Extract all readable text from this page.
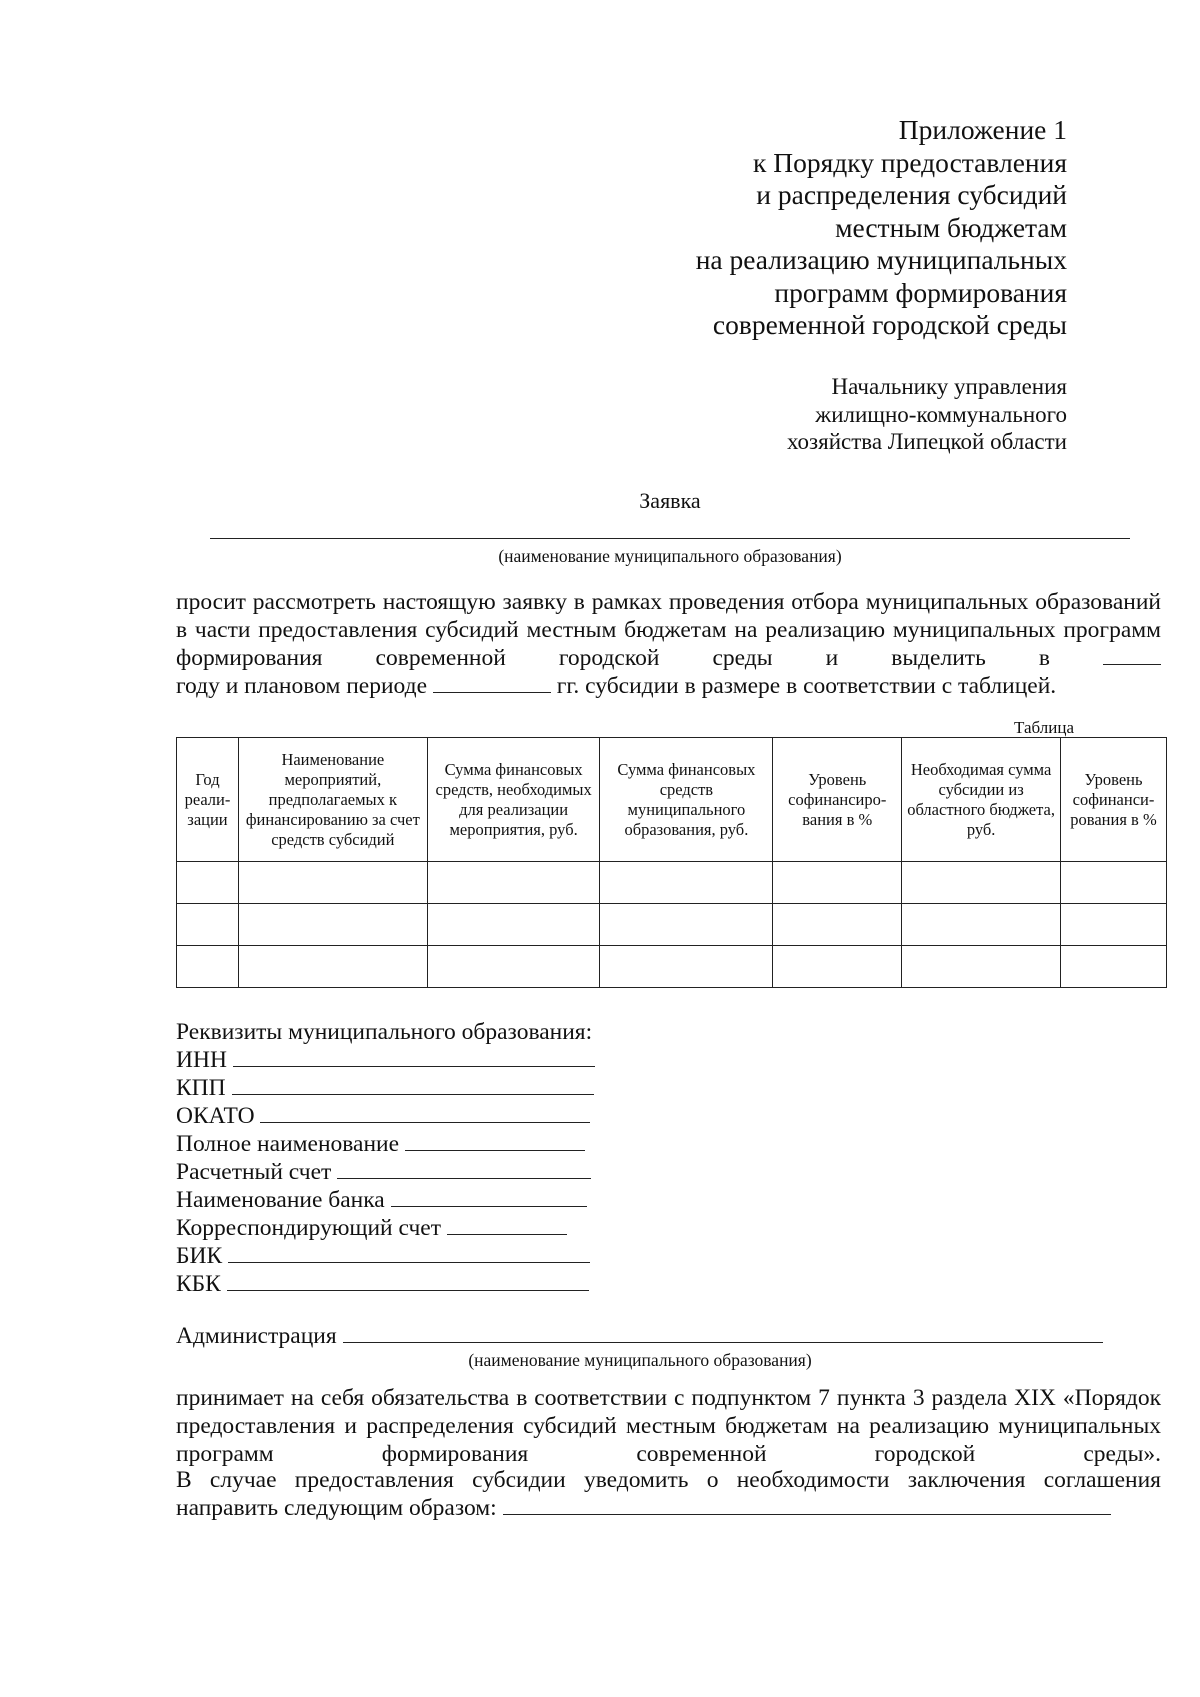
Приложение 1
к Порядку предоставления
и распределения субсидий
местным бюджетам
на реализацию муниципальных
программ формирования
современной городской среды
Начальнику управления
жилищно-коммунального
хозяйства Липецкой области
Заявка
(наименование муниципального образования)
просит рассмотреть настоящую заявку в рамках проведения отбора муниципальных образований в части предоставления субсидий местным бюджетам на реализацию муниципальных программ формирования современной городской среды и выделить в
году и плановом периоде	гг. субсидии в размере в соответствии с таблицей.
Таблица
Год реали-зации	Наименование мероприятий, предполагаемых к финансированию за счет средств субсидий	Сумма финансовых средств, необходимых для реализации мероприятия, руб.	Сумма финансовых средств муниципального образования, руб.	Уровень софинансиро-вания в %	Необходимая сумма субсидии из областного бюджета, руб.	Уровень софинанси-рования в %

Реквизиты муниципального образования:
ИНН
КПП
ОКАТО
Полное наименование
Расчетный счет
Наименование банка
Корреспондирующий счет
БИК
КБК
Администрация
(наименование муниципального образования)
принимает на себя обязательства в соответствии с подпунктом 7 пункта 3 раздела XIX «Порядок предоставления и распределения субсидий местным бюджетам на реализацию муниципальных программ формирования современной городской среды».
В случае предоставления субсидии уведомить о необходимости заключения соглашения
направить следующим образом:
